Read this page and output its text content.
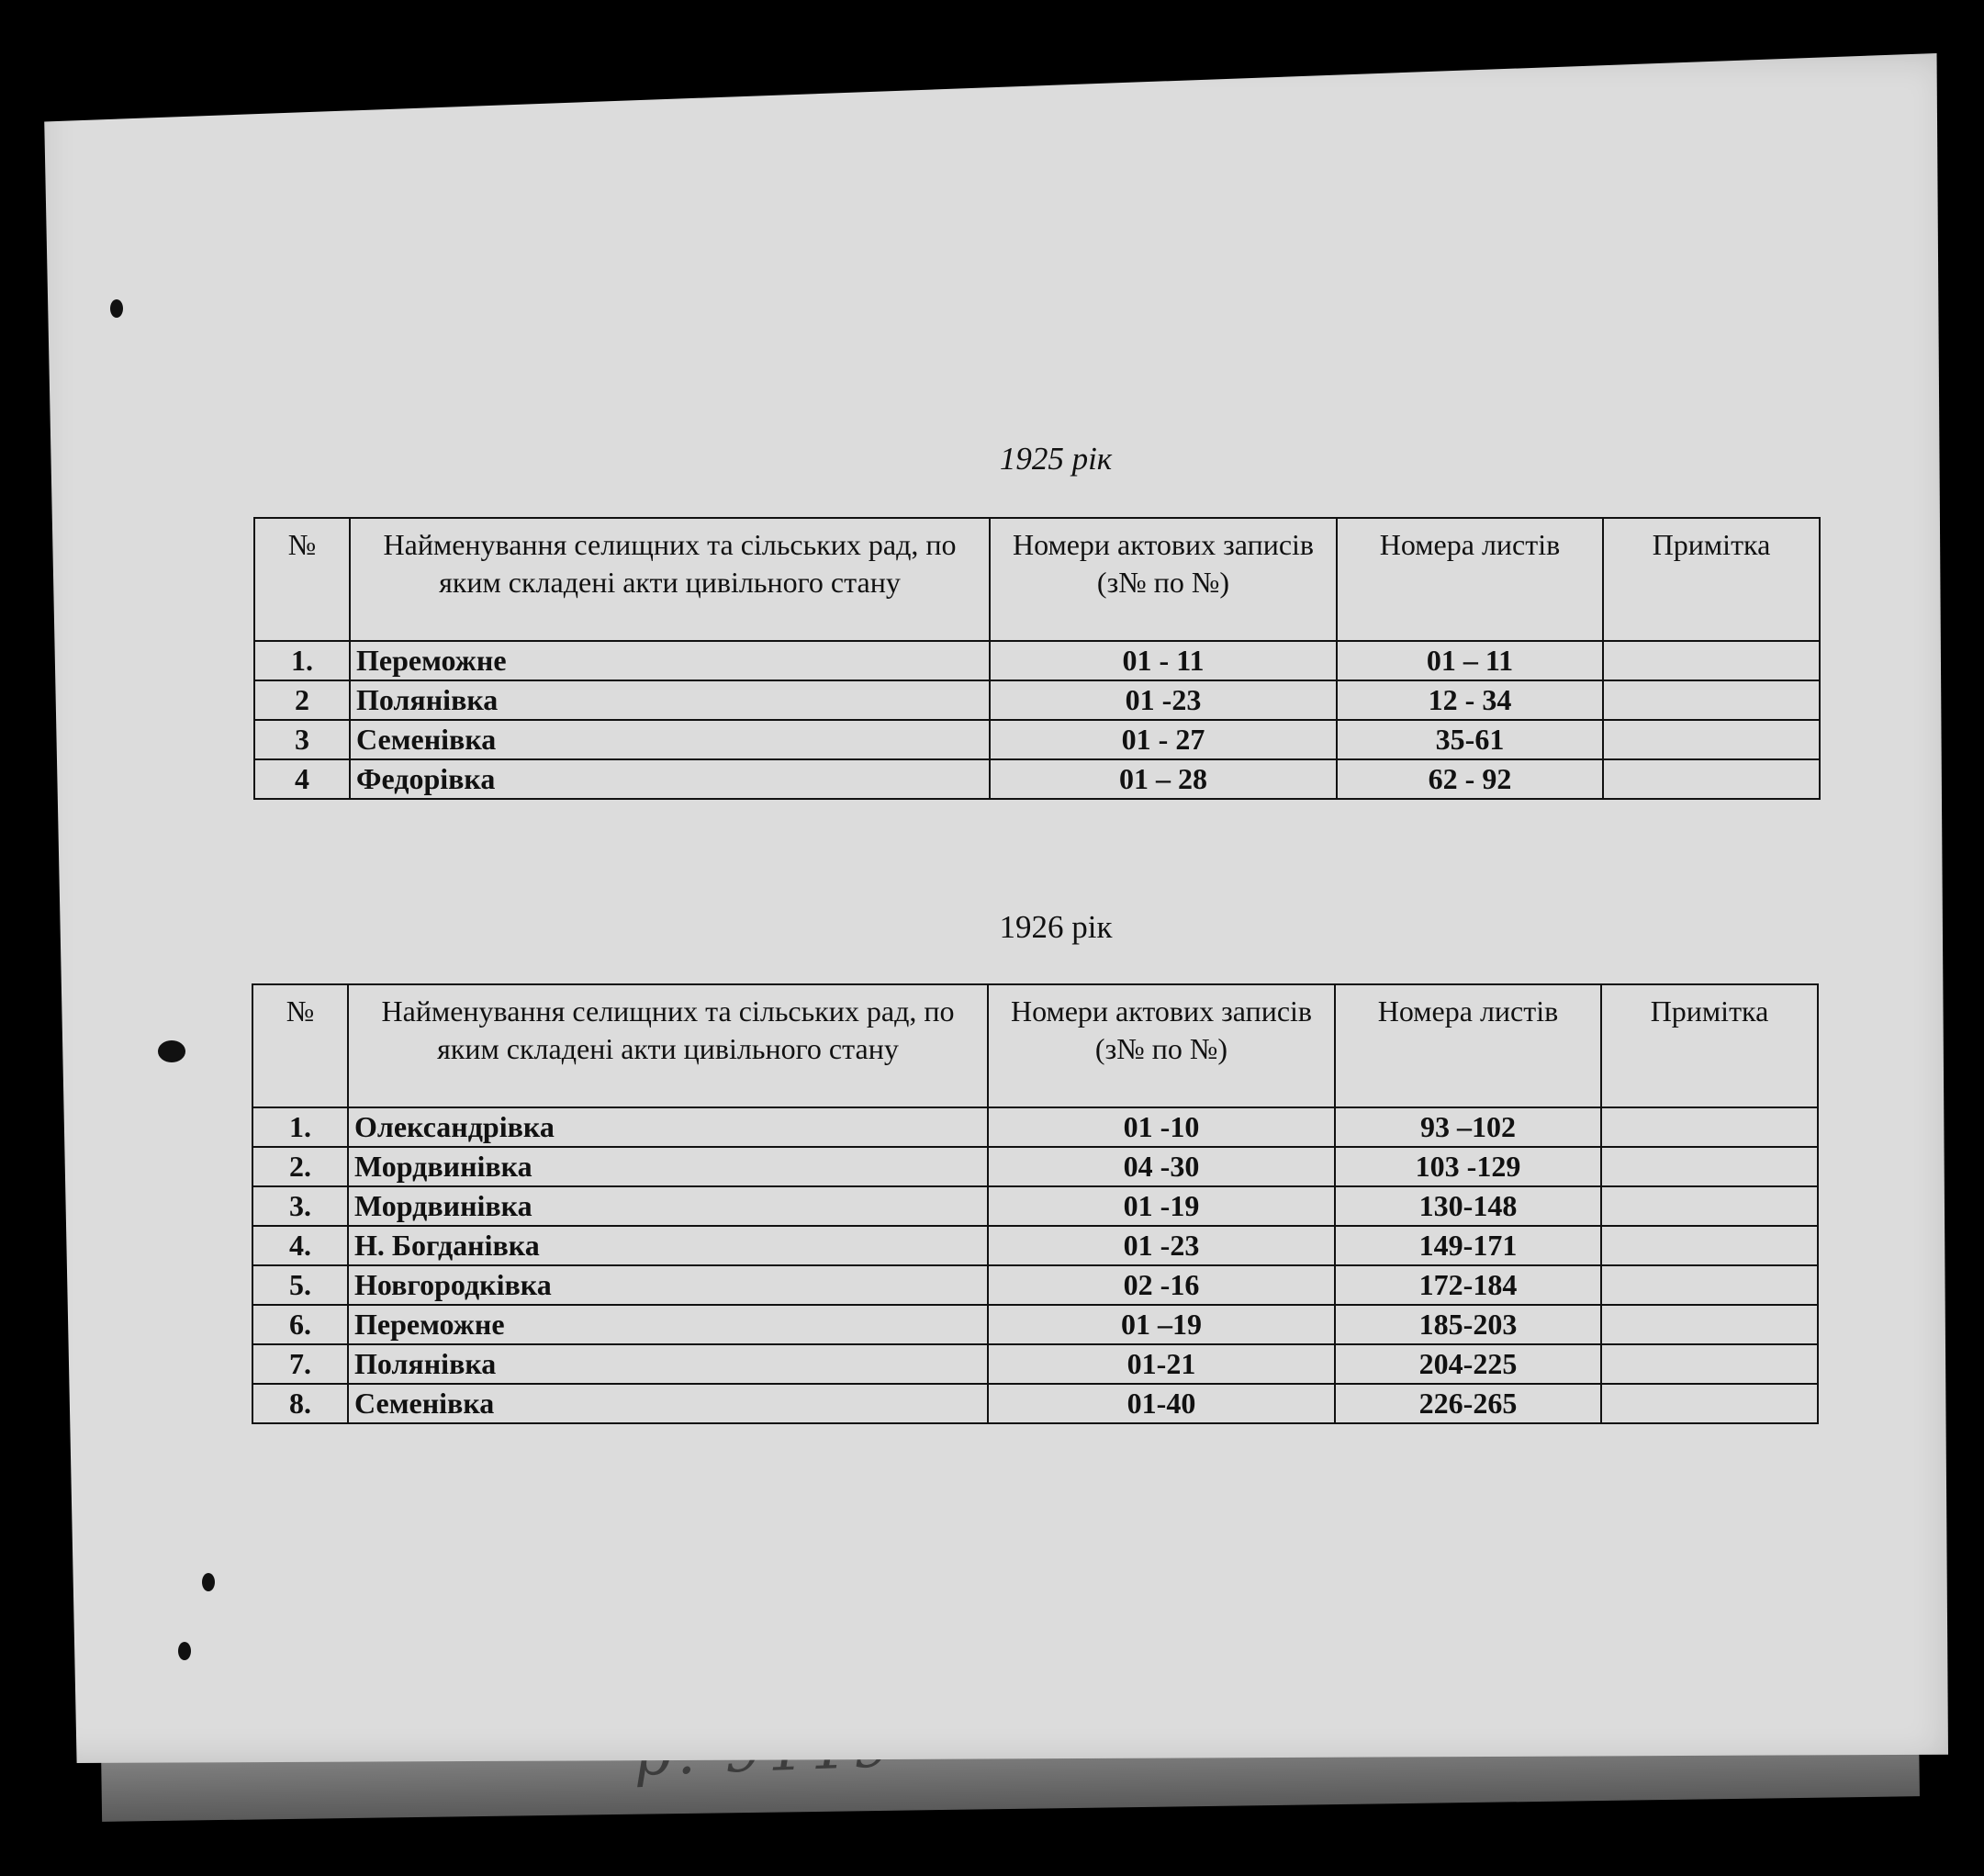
1925 рік
№	Найменування селищних та сільських рад, по яким складені акти цивільного стану	Номери актових записів (з№ по №)	Номера листів	Примітка
1.	Переможне	01 - 11	01 – 11	
2	Полянівка	01 -23	12 - 34	
3	Семенівка	01 - 27	35-61	
4	Федорівка	01 – 28	62 - 92	
1926 рік
№	Найменування селищних та сільських рад, по яким складені акти цивільного стану	Номери актових записів (з№ по №)	Номера листів	Примітка
1.	Олександрівка	01 -10	93 –102	
2.	Мордвинівка	04 -30	103 -129	
3.	Мордвинівка	01 -19	130-148	
4.	Н. Богданівка	01 -23	149-171	
5.	Новгородківка	02 -16	172-184	
6.	Переможне	01 –19	185-203	
7.	Полянівка	01-21	204-225	
8.	Семенівка	01-40	226-265	
